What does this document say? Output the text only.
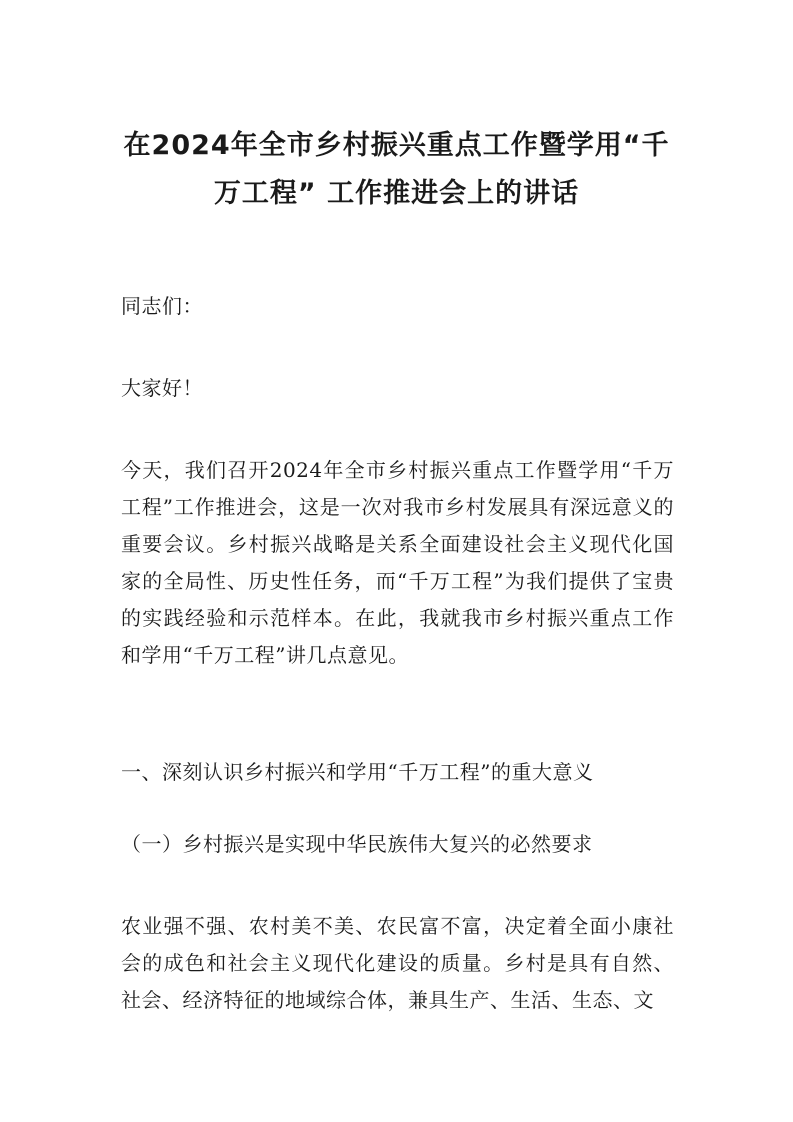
在2024年全市乡村振兴重点工作暨学用“千
万工程” 工作推进会上的讲话

同志们：

大家好！

今天，我们召开2024年全市乡村振兴重点工作暨学用“千万工程”工作推进会，这是一次对我市乡村发展具有深远意义的重要会议。乡村振兴战略是关系全面建设社会主义现代化国家的全局性、历史性任务，而“千万工程”为我们提供了宝贵的实践经验和示范样本。在此，我就我市乡村振兴重点工作和学用“千万工程”讲几点意见。

一、深刻认识乡村振兴和学用“千万工程”的重大意义

（一）乡村振兴是实现中华民族伟大复兴的必然要求

农业强不强、农村美不美、农民富不富，决定着全面小康社会的成色和社会主义现代化建设的质量。乡村是具有自然、社会、经济特征的地域综合体，兼具生产、生活、生态、文
